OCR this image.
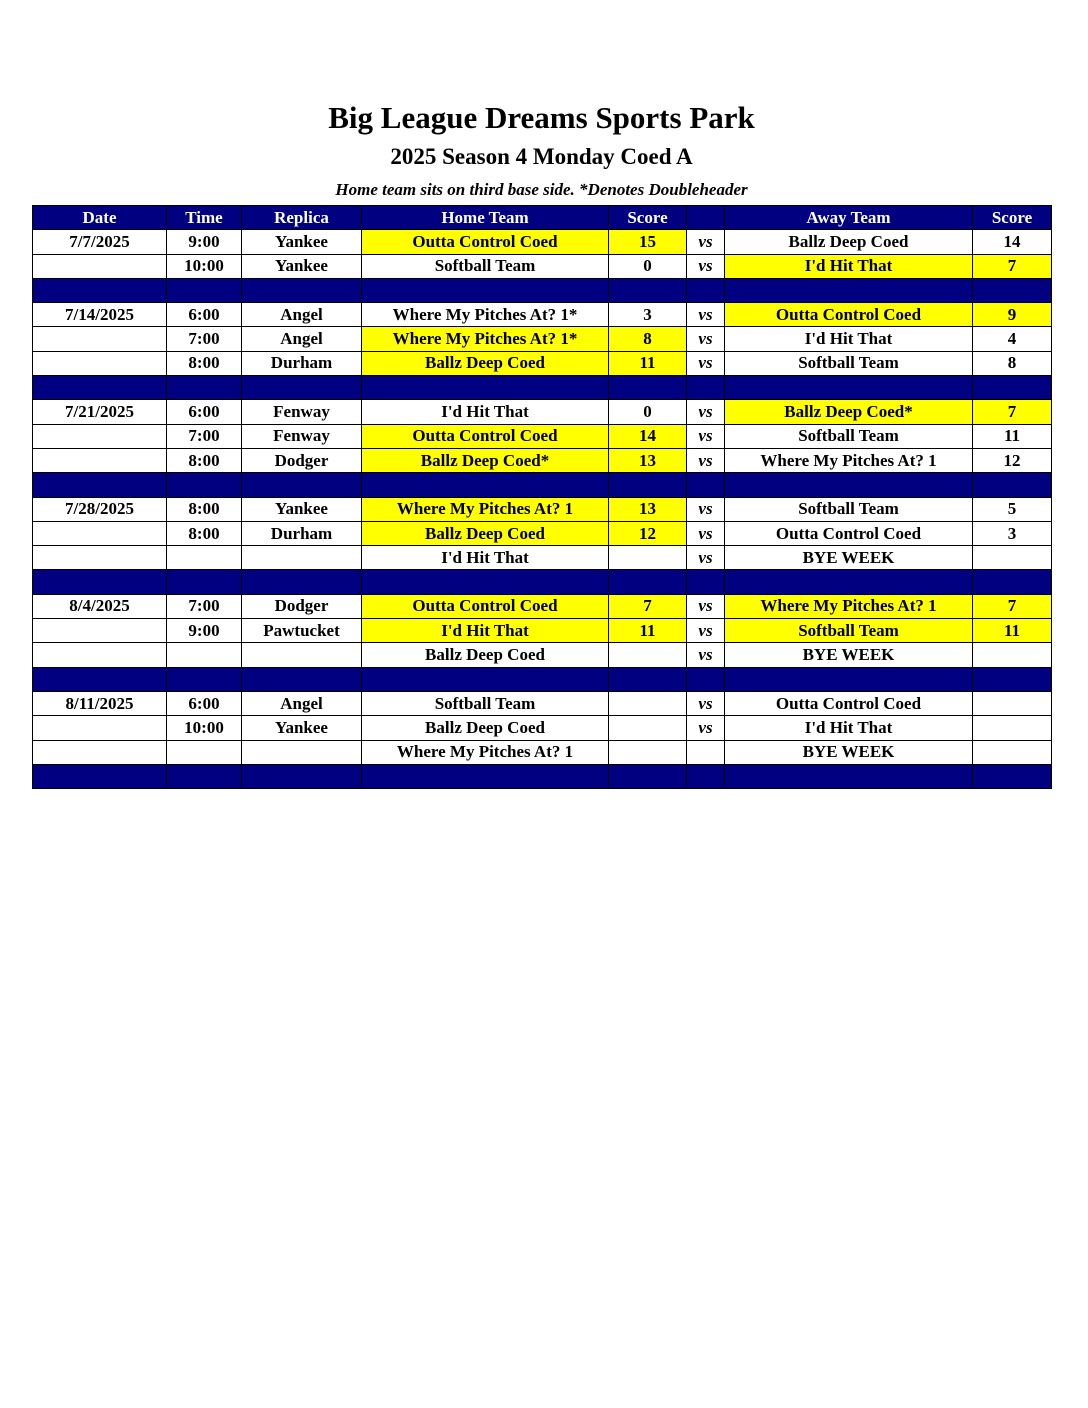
Big League Dreams Sports Park
2025 Season 4 Monday Coed A
Home team sits on third base side. *Denotes Doubleheader
Date	Time	Replica	Home Team	Score		Away Team	Score
7/7/2025	9:00	Yankee	Outta Control Coed	15	vs	Ballz Deep Coed	14
	10:00	Yankee	Softball Team	0	vs	I'd Hit That	7

7/14/2025	6:00	Angel	Where My Pitches At? 1*	3	vs	Outta Control Coed	9
	7:00	Angel	Where My Pitches At? 1*	8	vs	I'd Hit That	4
	8:00	Durham	Ballz Deep Coed	11	vs	Softball Team	8

7/21/2025	6:00	Fenway	I'd Hit That	0	vs	Ballz Deep Coed*	7
	7:00	Fenway	Outta Control Coed	14	vs	Softball Team	11
	8:00	Dodger	Ballz Deep Coed*	13	vs	Where My Pitches At? 1	12

7/28/2025	8:00	Yankee	Where My Pitches At? 1	13	vs	Softball Team	5
	8:00	Durham	Ballz Deep Coed	12	vs	Outta Control Coed	3
			I'd Hit That		vs	BYE WEEK	

8/4/2025	7:00	Dodger	Outta Control Coed	7	vs	Where My Pitches At? 1	7
	9:00	Pawtucket	I'd Hit That	11	vs	Softball Team	11
			Ballz Deep Coed		vs	BYE WEEK	

8/11/2025	6:00	Angel	Softball Team		vs	Outta Control Coed	
	10:00	Yankee	Ballz Deep Coed		vs	I'd Hit That	
			Where My Pitches At? 1			BYE WEEK	
